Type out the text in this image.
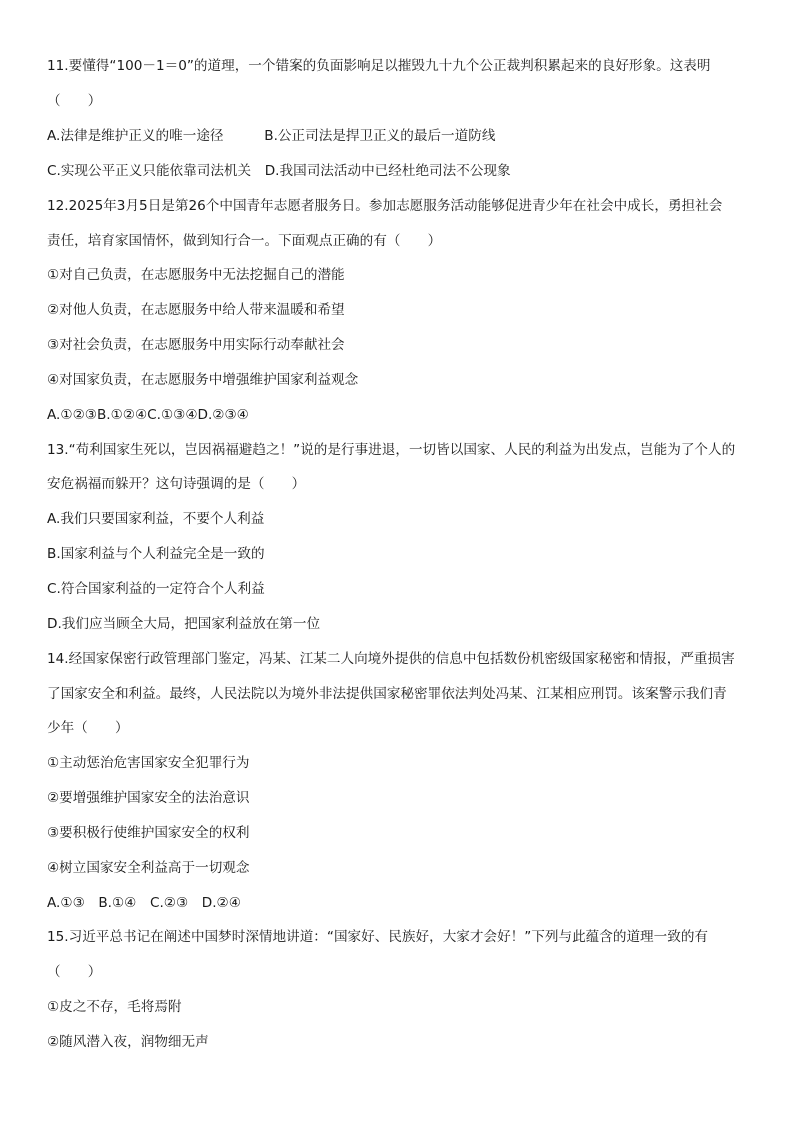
11.要懂得“100－1＝0”的道理，一个错案的负面影响足以摧毁九十九个公正裁判积累起来的良好形象。这表明
（　　）
A.法律是维护正义的唯一途径　　　B.公正司法是捍卫正义的最后一道防线
C.实现公平正义只能依靠司法机关　D.我国司法活动中已经杜绝司法不公现象
12.2025年3月5日是第26个中国青年志愿者服务日。参加志愿服务活动能够促进青少年在社会中成长，勇担社会
责任，培育家国情怀，做到知行合一。下面观点正确的有（　　）
①对自己负责，在志愿服务中无法挖掘自己的潜能
②对他人负责，在志愿服务中给人带来温暖和希望
③对社会负责，在志愿服务中用实际行动奉献社会
④对国家负责，在志愿服务中增强维护国家利益观念
A.①②③B.①②④C.①③④D.②③④
13.“苟利国家生死以，岂因祸福避趋之！”说的是行事进退，一切皆以国家、人民的利益为出发点，岂能为了个人的
安危祸福而躲开？这句诗强调的是（　　）
A.我们只要国家利益，不要个人利益
B.国家利益与个人利益完全是一致的
C.符合国家利益的一定符合个人利益
D.我们应当顾全大局，把国家利益放在第一位
14.经国家保密行政管理部门鉴定，冯某、江某二人向境外提供的信息中包括数份机密级国家秘密和情报，严重损害
了国家安全和利益。最终，人民法院以为境外非法提供国家秘密罪依法判处冯某、江某相应刑罚。该案警示我们青
少年（　　）
①主动惩治危害国家安全犯罪行为
②要增强维护国家安全的法治意识
③要积极行使维护国家安全的权利
④树立国家安全利益高于一切观念
A.①③　B.①④　C.②③　D.②④
15.习近平总书记在阐述中国梦时深情地讲道：“国家好、民族好，大家才会好！”下列与此蕴含的道理一致的有
（　　）
①皮之不存，毛将焉附
②随风潜入夜，润物细无声
